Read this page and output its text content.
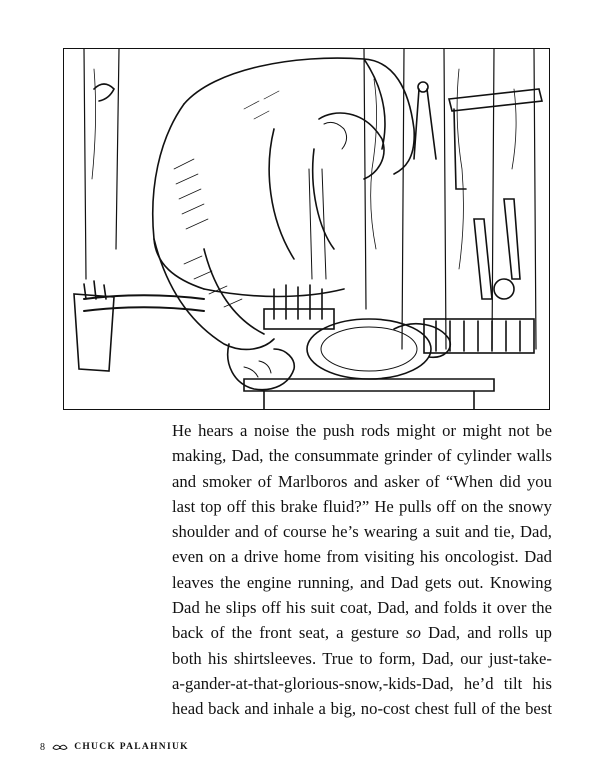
He hears a noise the push rods might or might not be
making, Dad, the consummate grinder of cylinder walls
and smoker of Marlboros and asker of “When did you
last top off this brake fluid?” He pulls off on the snowy
shoulder and of course he’s wearing a suit and tie, Dad,
even on a drive home from visiting his oncologist. Dad
leaves the engine running, and Dad gets out. Knowing
Dad he slips off his suit coat, Dad, and folds it over the
back of the front seat, a gesture so Dad, and rolls up
both his shirtsleeves. True to form, Dad, our just-take-
a-gander-at-that-glorious-snow,-kids-Dad, he’d tilt his
head back and inhale a big, no-cost chest full of the best
8	CHUCK PALAHNIUK
